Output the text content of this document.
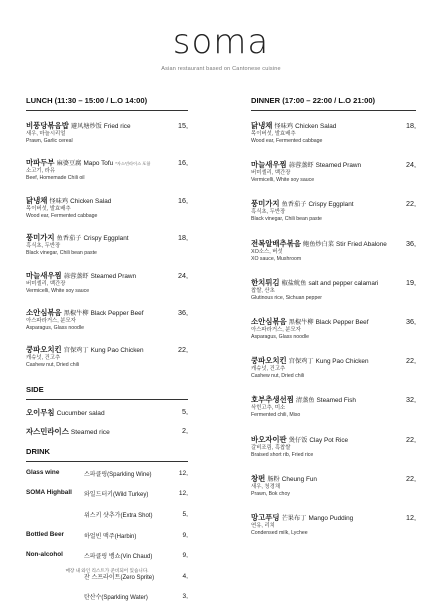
soma
Asian restaurant based on Cantonese cuisine
LUNCH (11:30 – 15:00 / L.O 14:00)
비풍당볶음밥 避风塘炒饭 Fried rice
새우, 마늘시리얼
Prawn, Garlic cereal
15,
마파두부 麻婆豆腐 Mapo Tofu *자스민라이스 포함
소고기, 라유
Beef, Homemade Chili oil
16,
닭냉채 怪味鸡 Chicken Salad
목이버섯, 발효배추
Wood ear, Fermented cabbage
16,
풍미가지 鱼香茄子 Crispy Eggplant
흑식초, 두반장
Black vinegar, Chili bean paste
18,
마늘새우찜 蒜蓉蒸虾 Steamed Prawn
버미셀리, 백간장
Vermicelli, White soy sauce
24,
소안심볶음 黑椒牛柳 Black Pepper Beef
아스파라거스, 분모자
Asparagus, Glass noodle
36,
쿵파오치킨 宫保鸡丁 Kung Pao Chicken
캐슈넛, 건고추
Cashew nut, Dried chili
22,
SIDE
오이무침 Cucumber salad	5,
자스민라이스 Steamed rice	2,
DRINK
Glass wine	스파클링(Sparkling Wine)	12,
SOMA Highball 와일드터키(Wild Turkey)	12,
위스키 샷추가(Extra Shot)	5,
Bottled Beer	하얼빈 맥주(Harbin)	9,
Non-alcohol	스파클링 뱅쇼(Vin Chaud)	9,
잔 스프라이트(Zero Sprite)	4,
탄산수(Sparkling Water)	3,
매장 내 와인 리스트가 준비되어 있습니다.
DINNER (17:00 – 22:00 / L.O 21:00)
닭냉채 怪味鸡 Chicken Salad
목이버섯, 발효배추
Wood ear, Fermented cabbage
18,
마늘새우찜 蒜蓉蒸虾 Steamed Prawn
버미셀리, 백간장
Vermicelli, White soy sauce
24,
풍미가지 鱼香茄子 Crispy Eggplant
흑식초, 두반장
Black vinegar, Chili bean paste
22,
전복알배추볶음 鲍鱼炒白菜 Stir Fried Abalone
XO소스, 버섯
XO sauce, Mushroom
36,
한치튀김 椒盐鱿鱼 salt and pepper calamari
찹쌀, 산초
Glutinous rice, Sichuan pepper
19,
소안심볶음 黑椒牛柳 Black Pepper Beef
아스파라거스, 분모자
Asparagus, Glass noodle
36,
쿵파오치킨 宫保鸡丁 Kung Pao Chicken
캐슈넛, 건고추
Cashew nut, Dried chili
22,
호부추생선찜 清蒸鱼 Steamed Fish
삭힌고추, 미소
Fermented chili, Miso
32,
바오자이판 煲仔饭 Clay Pot Rice
갈비조림, 흑찹쌀
Braised short rib, Fried rice
22,
창펀 肠粉 Cheung Fun
새우, 청경채
Prawn, Bok choy
22,
망고푸딩 芒果布丁 Mango Pudding
연유, 리치
Condensed milk, Lychee
12,
